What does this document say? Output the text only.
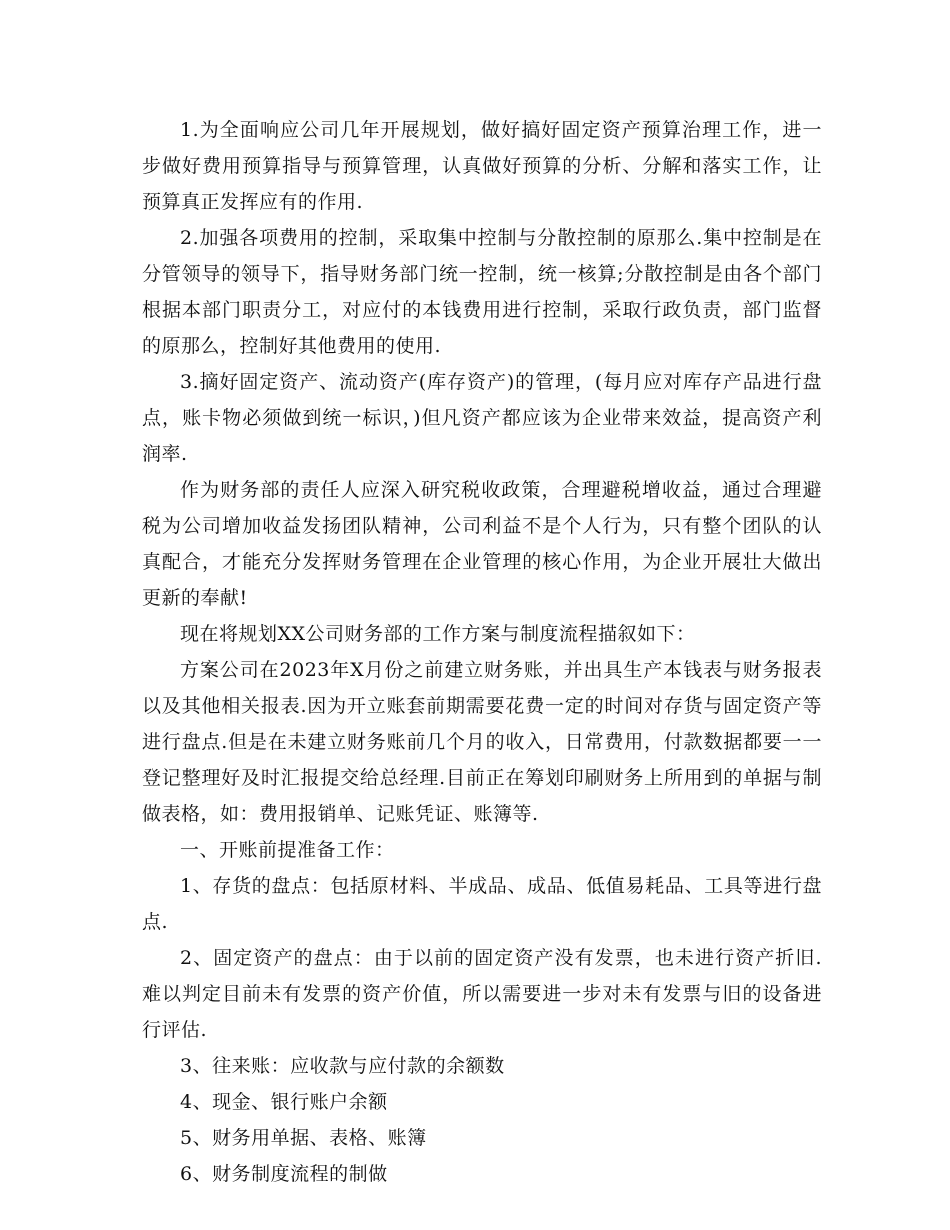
1.为全面响应公司几年开展规划，做好搞好固定资产预算治理工作，进一步做好费用预算指导与预算管理，认真做好预算的分析、分解和落实工作，让预算真正发挥应有的作用.

2.加强各项费用的控制，采取集中控制与分散控制的原那么.集中控制是在分管领导的领导下，指导财务部门统一控制，统一核算;分散控制是由各个部门根据本部门职责分工，对应付的本钱费用进行控制，采取行政负责，部门监督的原那么，控制好其他费用的使用.

3.摘好固定资产、流动资产(库存资产)的管理，(每月应对库存产品进行盘点，账卡物必须做到统一标识，)但凡资产都应该为企业带来效益，提高资产利润率.

作为财务部的责任人应深入研究税收政策，合理避税增收益，通过合理避税为公司增加收益发扬团队精神，公司利益不是个人行为，只有整个团队的认真配合，才能充分发挥财务管理在企业管理的核心作用，为企业开展壮大做出更新的奉献!

现在将规划XX公司财务部的工作方案与制度流程描叙如下：

方案公司在2023年X月份之前建立财务账，并出具生产本钱表与财务报表以及其他相关报表.因为开立账套前期需要花费一定的时间对存货与固定资产等进行盘点.但是在未建立财务账前几个月的收入，日常费用，付款数据都要一一登记整理好及时汇报提交给总经理.目前正在筹划印刷财务上所用到的单据与制做表格，如：费用报销单、记账凭证、账簿等.

一、开账前提准备工作：

1、存货的盘点：包括原材料、半成品、成品、低值易耗品、工具等进行盘点.

2、固定资产的盘点：由于以前的固定资产没有发票，也未进行资产折旧.难以判定目前未有发票的资产价值，所以需要进一步对未有发票与旧的设备进行评估.

3、往来账：应收款与应付款的余额数

4、现金、银行账户余额

5、财务用单据、表格、账簿

6、财务制度流程的制做
